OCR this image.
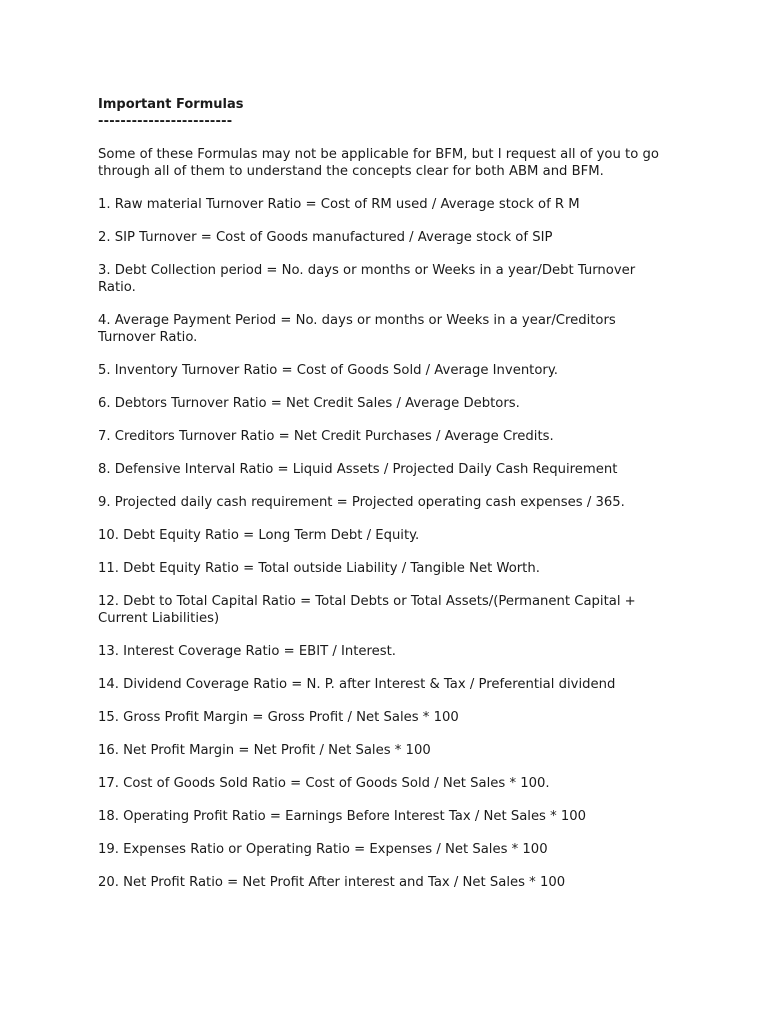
Important Formulas

------------------------

Some of these Formulas may not be applicable for BFM, but I request all of you to go
through all of them to understand the concepts clear for both ABM and BFM.

1. Raw material Turnover Ratio = Cost of RM used / Average stock of R M

2. SIP Turnover = Cost of Goods manufactured / Average stock of SIP

3. Debt Collection period = No. days or months or Weeks in a year/Debt Turnover
Ratio.

4. Average Payment Period = No. days or months or Weeks in a year/Creditors
Turnover Ratio.

5. Inventory Turnover Ratio = Cost of Goods Sold / Average Inventory.

6. Debtors Turnover Ratio = Net Credit Sales / Average Debtors.

7. Creditors Turnover Ratio = Net Credit Purchases / Average Credits.

8. Defensive Interval Ratio = Liquid Assets / Projected Daily Cash Requirement

9. Projected daily cash requirement = Projected operating cash expenses / 365.

10. Debt Equity Ratio = Long Term Debt / Equity.

11. Debt Equity Ratio = Total outside Liability / Tangible Net Worth.

12. Debt to Total Capital Ratio = Total Debts or Total Assets/(Permanent Capital +
Current Liabilities)

13. Interest Coverage Ratio = EBIT / Interest.

14. Dividend Coverage Ratio = N. P. after Interest & Tax / Preferential dividend

15. Gross Profit Margin = Gross Profit / Net Sales * 100

16. Net Profit Margin = Net Profit / Net Sales * 100

17. Cost of Goods Sold Ratio = Cost of Goods Sold / Net Sales * 100.

18. Operating Profit Ratio = Earnings Before Interest Tax / Net Sales * 100

19. Expenses Ratio or Operating Ratio = Expenses / Net Sales * 100

20. Net Profit Ratio = Net Profit After interest and Tax / Net Sales * 100
